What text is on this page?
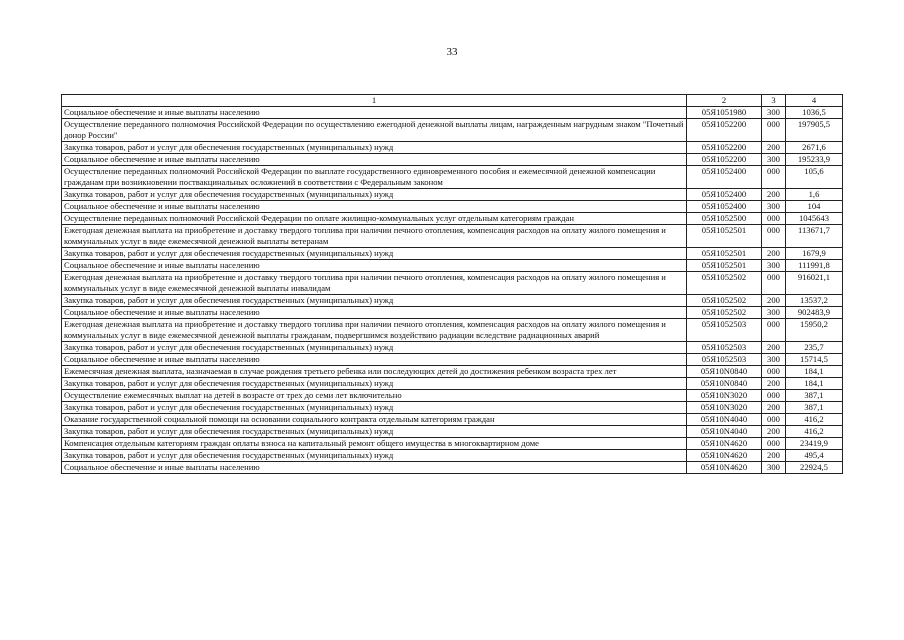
33
1	2	3	4
Социальное обеспечение и иные выплаты населению	05Я1051980	300	1036,5
Осуществление переданного полномочия Российской Федерации по осуществлению ежегодной денежной выплаты лицам, награжденным нагрудным знаком "Почетный донор России"	05Я1052200	000	197905,5
Закупка товаров, работ и услуг для обеспечения государственных (муниципальных) нужд	05Я1052200	200	2671,6
Социальное обеспечение и иные выплаты населению	05Я1052200	300	195233,9
Осуществление переданных полномочий Российской Федерации по выплате государственного единовременного пособия и ежемесячной денежной компенсации гражданам при возникновении поствакцинальных осложнений в соответствии с Федеральным законом	05Я1052400	000	105,6
Закупка товаров, работ и услуг для обеспечения государственных (муниципальных) нужд	05Я1052400	200	1,6
Социальное обеспечение и иные выплаты населению	05Я1052400	300	104
Осуществление переданных полномочий Российской Федерации по оплате жилищно-коммунальных услуг отдельным категориям граждан	05Я1052500	000	1045643
Ежегодная денежная выплата на приобретение и доставку твердого топлива при наличии печного отопления, компенсация расходов на оплату жилого помещения и коммунальных услуг в виде ежемесячной денежной выплаты ветеранам	05Я1052501	000	113671,7
Закупка товаров, работ и услуг для обеспечения государственных (муниципальных) нужд	05Я1052501	200	1679,9
Социальное обеспечение и иные выплаты населению	05Я1052501	300	111991,8
Ежегодная денежная выплата на приобретение и доставку твердого топлива при наличии печного отопления, компенсация расходов на оплату жилого помещения и коммунальных услуг в виде ежемесячной денежной выплаты инвалидам	05Я1052502	000	916021,1
Закупка товаров, работ и услуг для обеспечения государственных (муниципальных) нужд	05Я1052502	200	13537,2
Социальное обеспечение и иные выплаты населению	05Я1052502	300	902483,9
Ежегодная денежная выплата на приобретение и доставку твердого топлива при наличии печного отопления, компенсация расходов на оплату жилого помещения и коммунальных услуг в виде ежемесячной денежной выплаты гражданам, подвергшимся воздействию радиации вследствие радиационных аварий	05Я1052503	000	15950,2
Закупка товаров, работ и услуг для обеспечения государственных (муниципальных) нужд	05Я1052503	200	235,7
Социальное обеспечение и иные выплаты населению	05Я1052503	300	15714,5
Ежемесячная денежная выплата, назначаемая в случае рождения третьего ребенка или последующих детей до достижения ребенком возраста трех лет	05Я10N0840	000	184,1
Закупка товаров, работ и услуг для обеспечения государственных (муниципальных) нужд	05Я10N0840	200	184,1
Осуществление ежемесячных выплат на детей в возрасте от трех до семи лет включительно	05Я10N3020	000	387,1
Закупка товаров, работ и услуг для обеспечения государственных (муниципальных) нужд	05Я10N3020	200	387,1
Оказание государственной социальной помощи на основании социального контракта отдельным категориям граждан	05Я10N4040	000	416,2
Закупка товаров, работ и услуг для обеспечения государственных (муниципальных) нужд	05Я10N4040	200	416,2
Компенсация отдельным категориям граждан оплаты взноса на капитальный ремонт общего имущества в многоквартирном доме	05Я10N4620	000	23419,9
Закупка товаров, работ и услуг для обеспечения государственных (муниципальных) нужд	05Я10N4620	200	495,4
Социальное обеспечение и иные выплаты населению	05Я10N4620	300	22924,5
